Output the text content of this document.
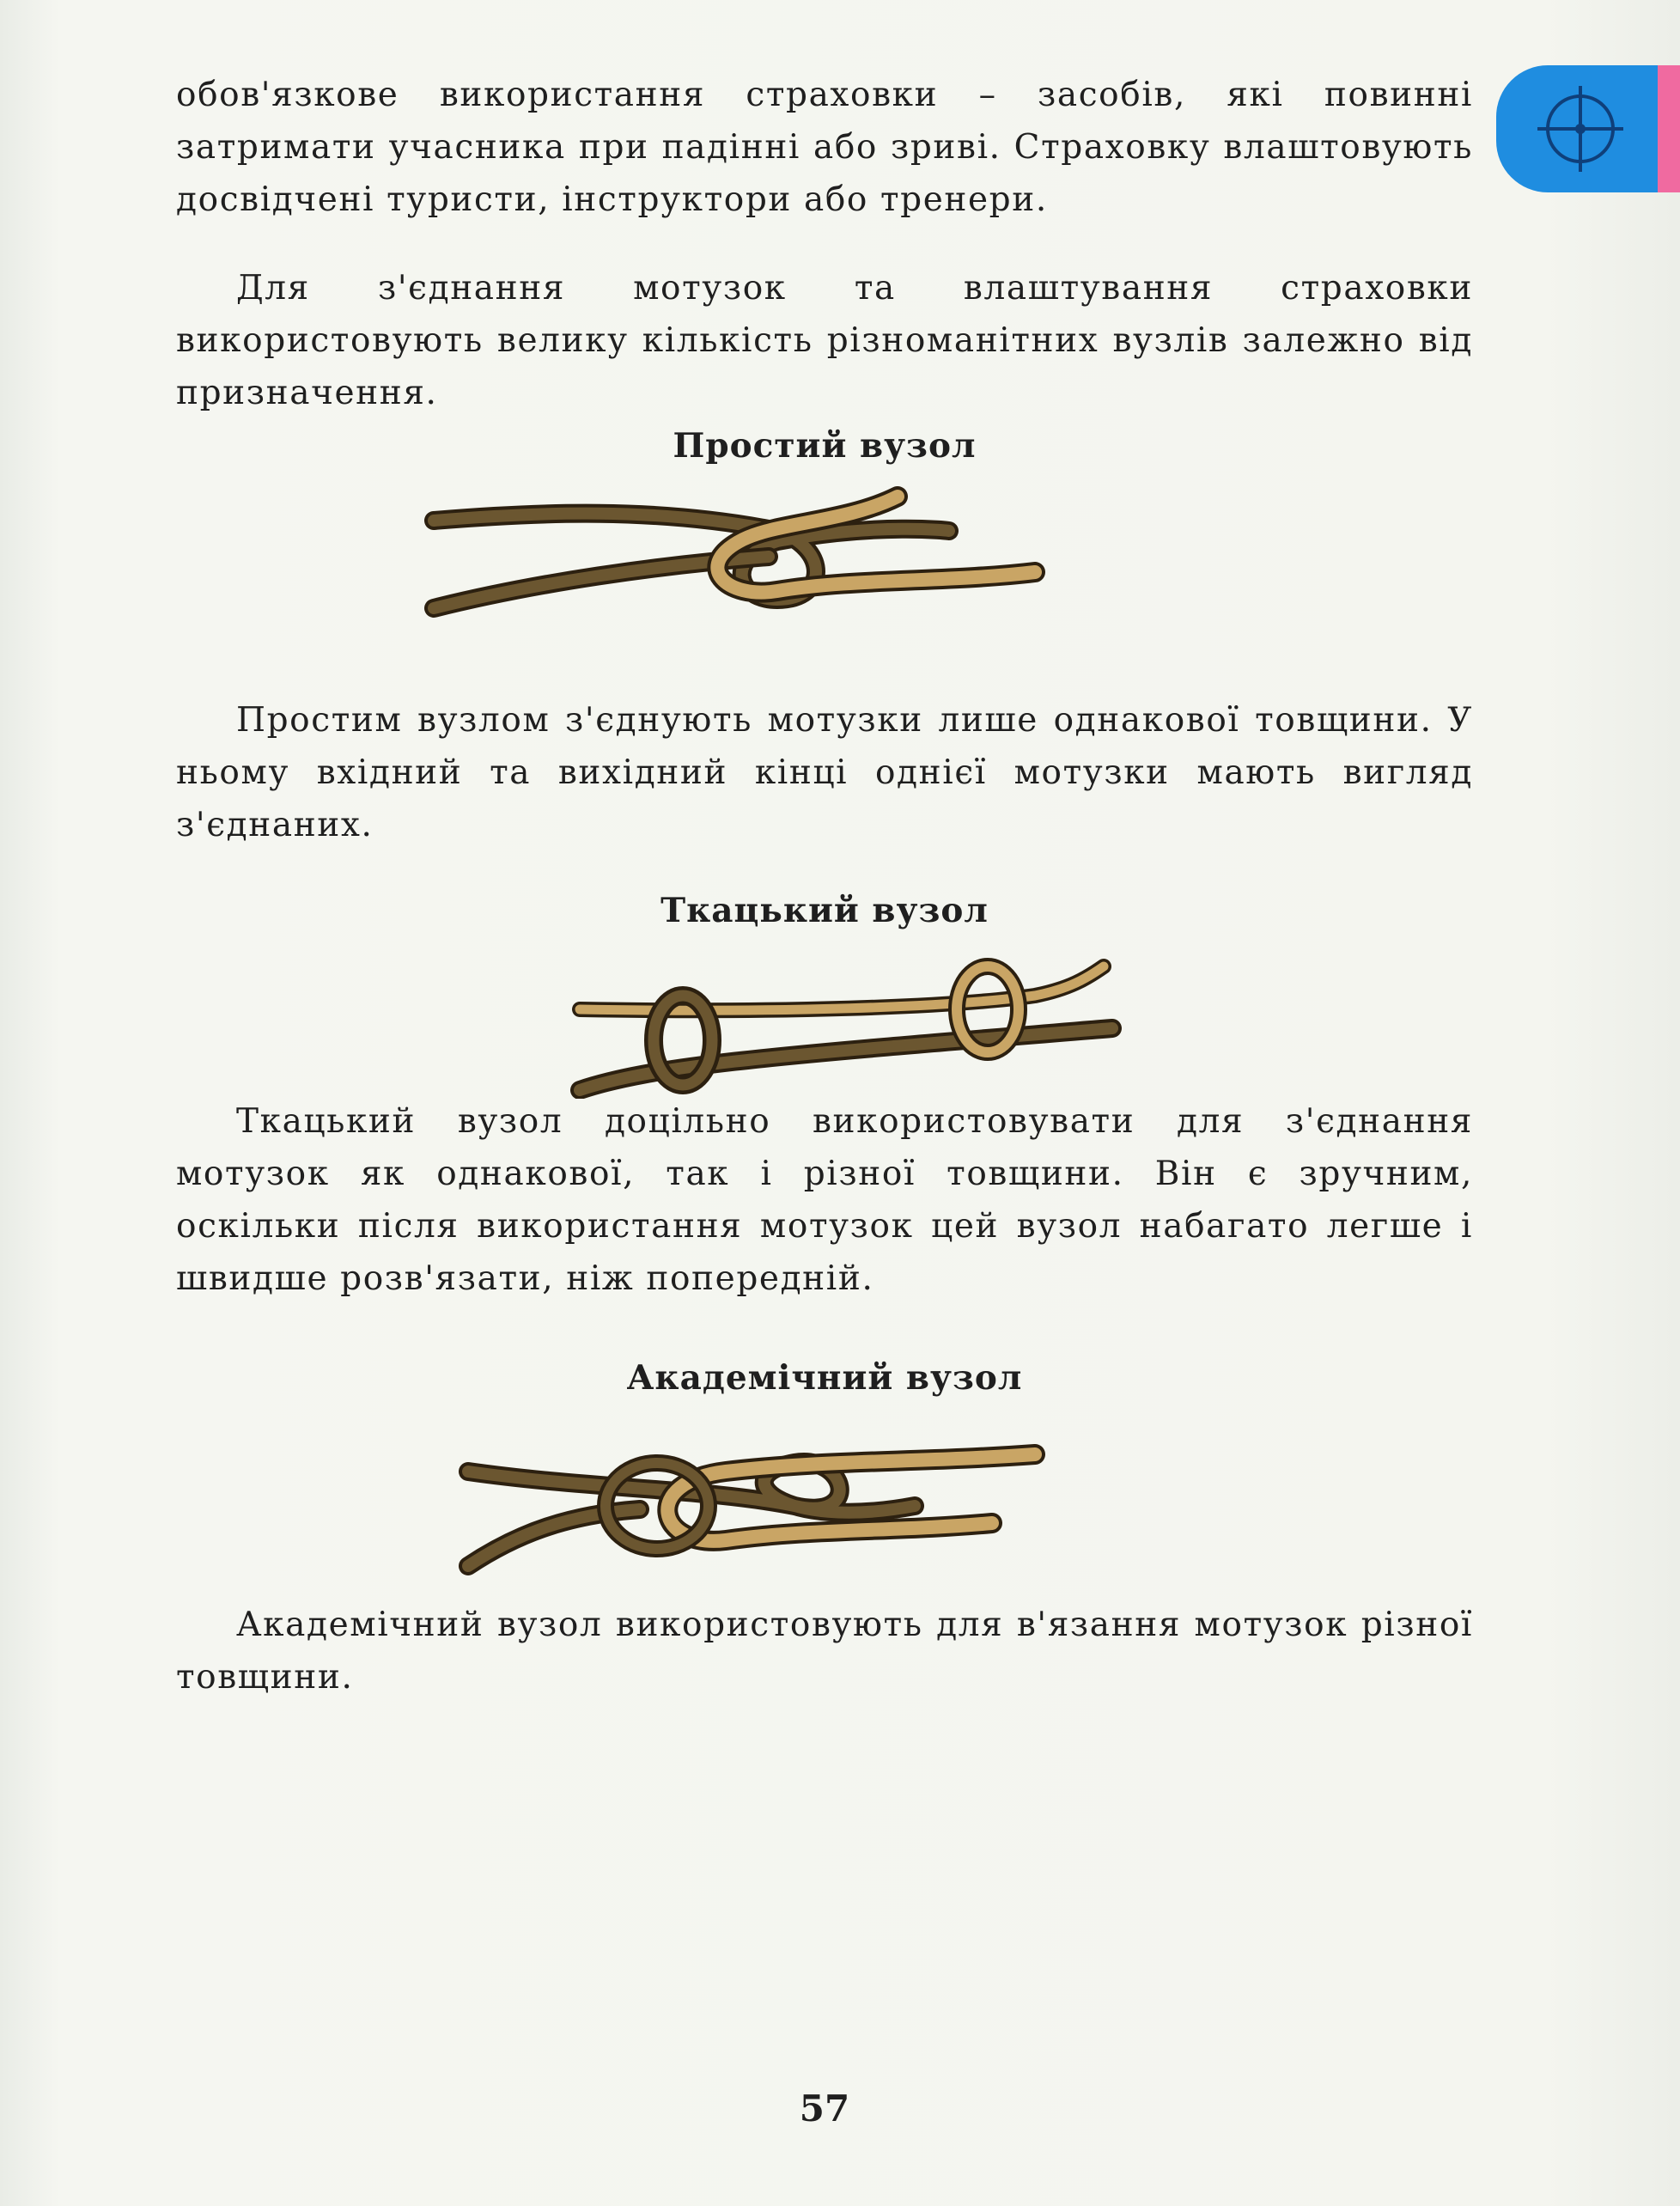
обов'язкове використання страховки – засобів, які повинні затримати учасника при падінні або зриві. Страховку влаштовують досвідчені туристи, інструктори або тренери.

Для з'єднання мотузок та влаштування страховки використовують велику кількість різноманітних вузлів залежно від призначення.

Простий вузол

Простим вузлом з'єднують мотузки лише однакової товщини. У ньому вхідний та вихідний кінці однієї мотузки мають вигляд з'єднаних.

Ткацький вузол

Ткацький вузол доцільно використовувати для з'єднання мотузок як однакової, так і різної товщини. Він є зручним, оскільки після використання мотузок цей вузол набагато легше і швидше розв'язати, ніж попередній.

Академічний вузол

Академічний вузол використовують для в'язання мотузок різної товщини.

57
